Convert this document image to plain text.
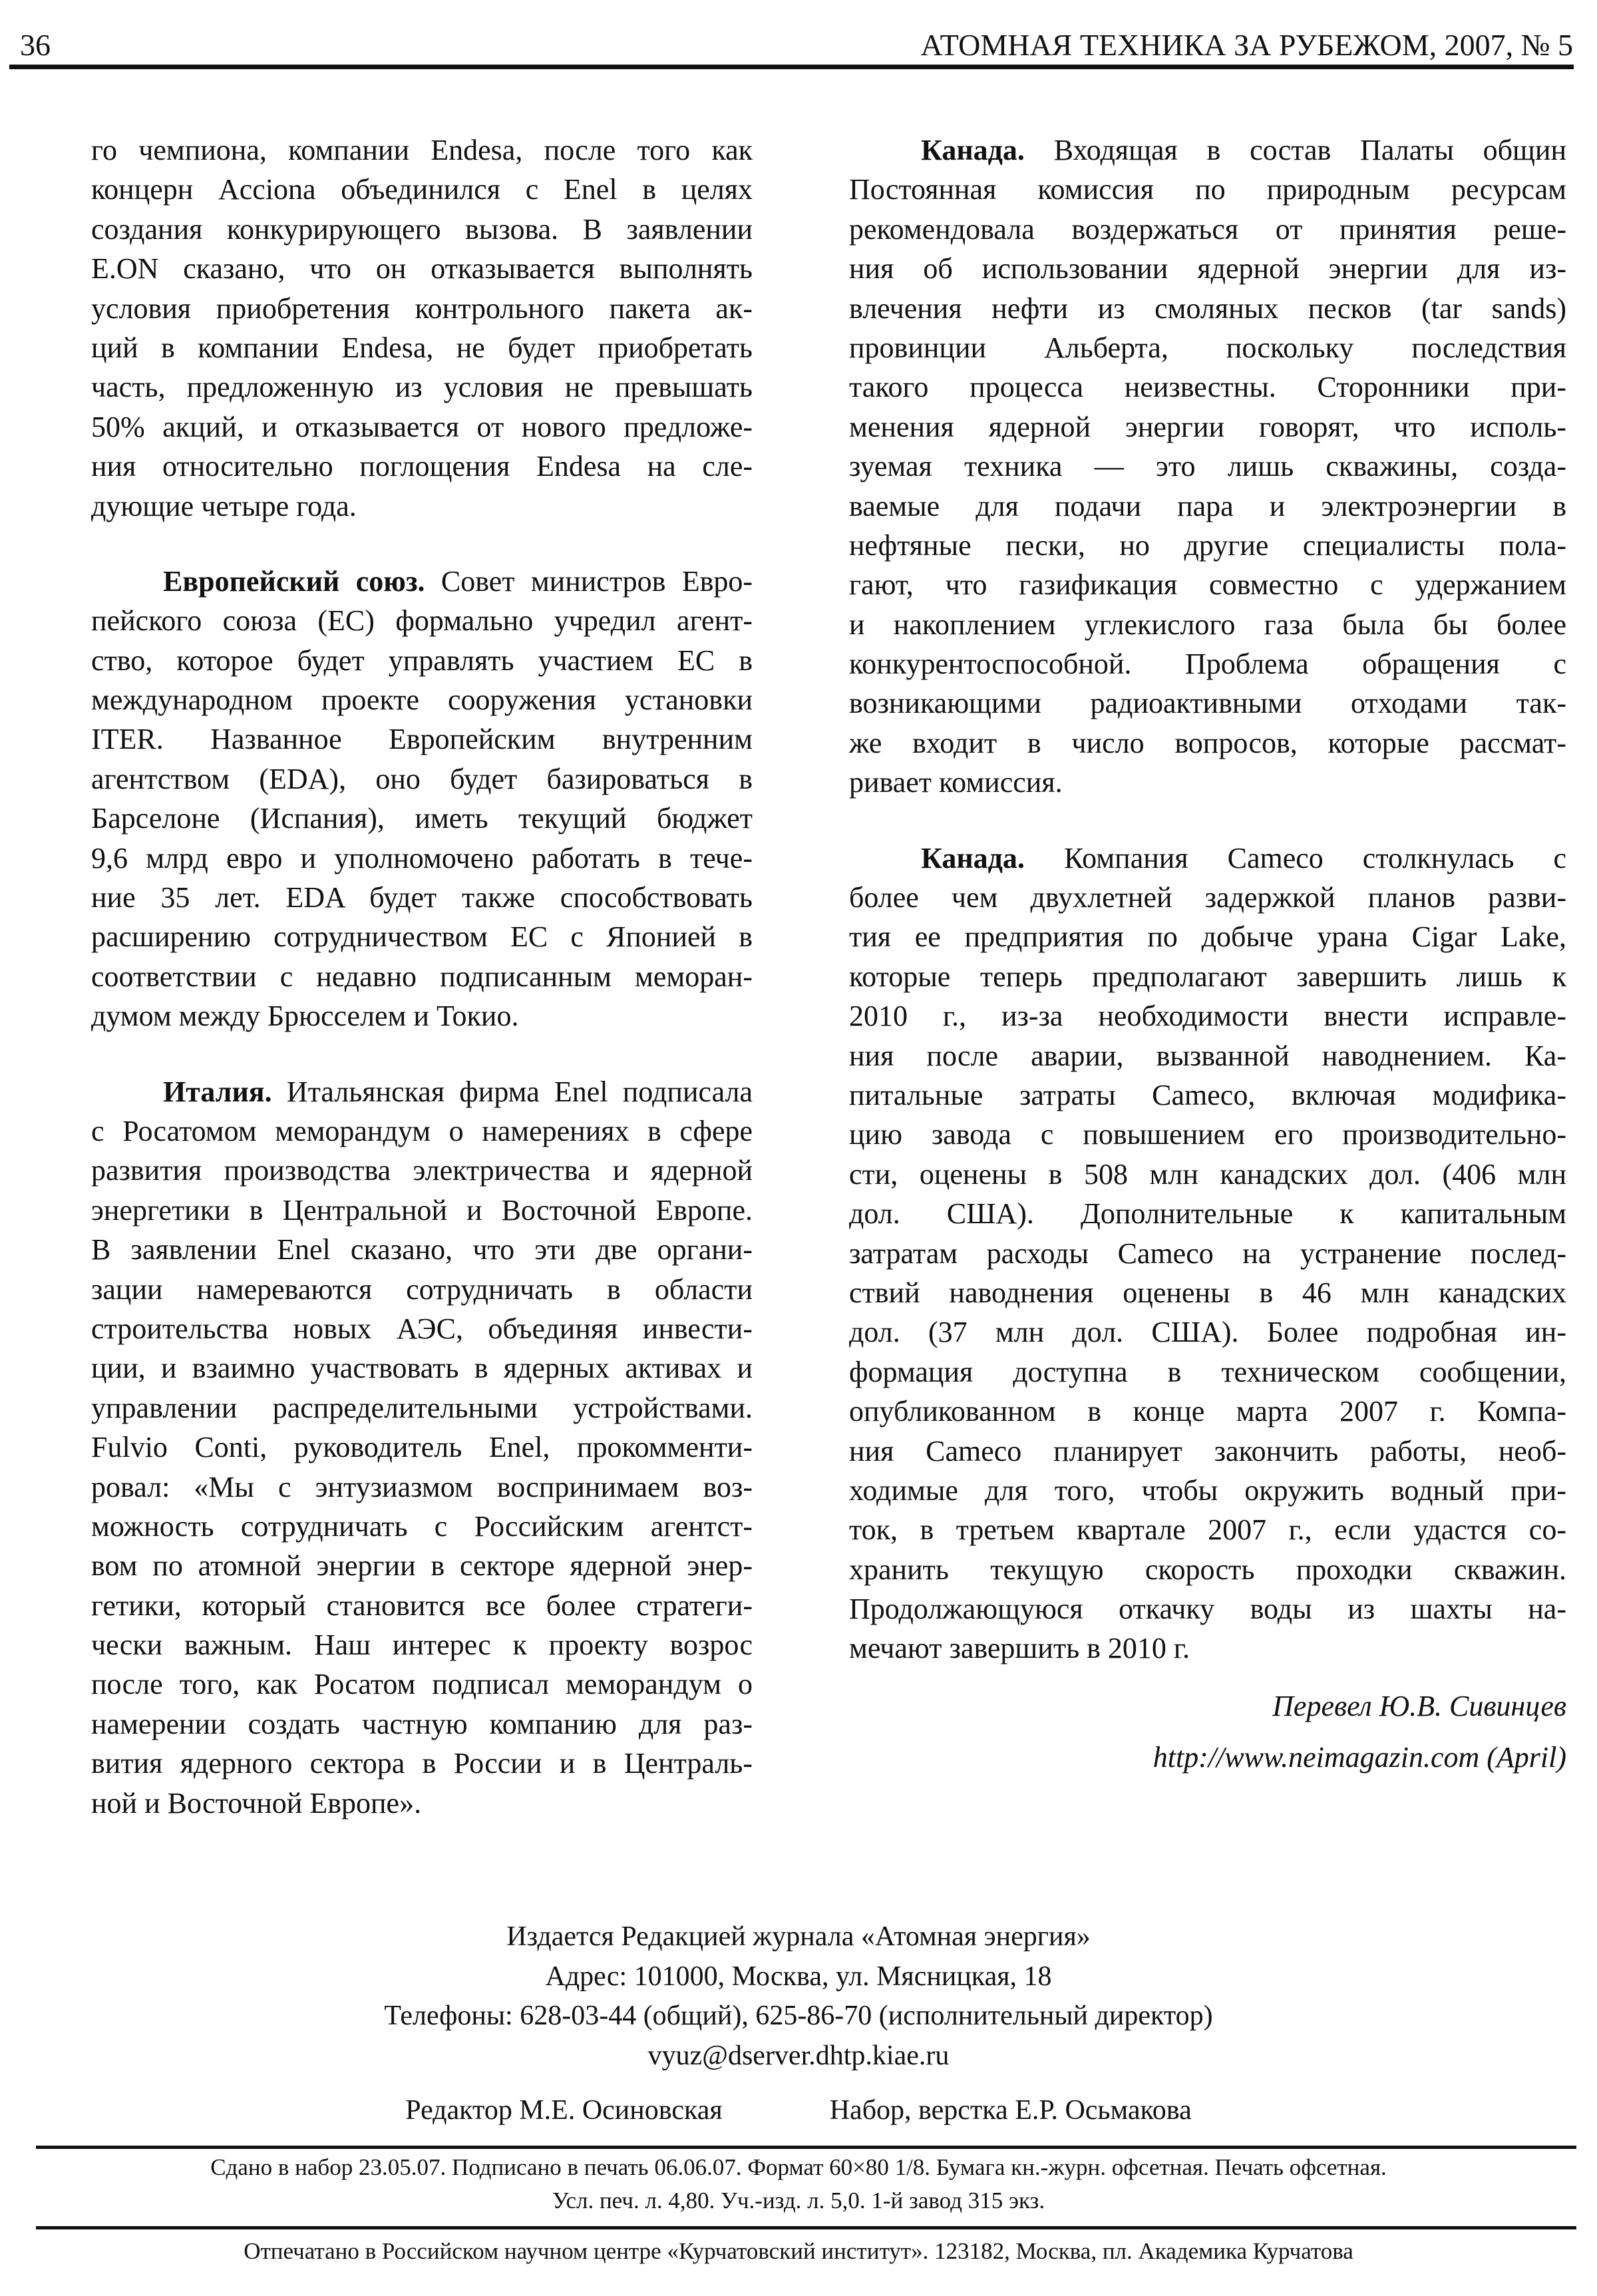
36	АТОМНАЯ ТЕХНИКА ЗА РУБЕЖОМ, 2007, № 5
го чемпиона, компании Endesa, после того как
концерн Acciona объединился с Enel в целях
создания конкурирующего вызова. В заявлении
E.ON сказано, что он отказывается выполнять
условия приобретения контрольного пакета ак-
ций в компании Endesa, не будет приобретать
часть, предложенную из условия не превышать
50% акций, и отказывается от нового предложе-
ния относительно поглощения Endesa на сле-
дующие четыре года.
Европейский союз. Совет министров Евро-
пейского союза (ЕС) формально учредил агент-
ство, которое будет управлять участием ЕС в
международном проекте сооружения установки
ITER. Названное Европейским внутренним
агентством (EDA), оно будет базироваться в
Барселоне (Испания), иметь текущий бюджет
9,6 млрд евро и уполномочено работать в тече-
ние 35 лет. EDA будет также способствовать
расширению сотрудничеством ЕС с Японией в
соответствии с недавно подписанным меморан-
думом между Брюсселем и Токио.
Италия. Итальянская фирма Enel подписала
с Росатомом меморандум о намерениях в сфере
развития производства электричества и ядерной
энергетики в Центральной и Восточной Европе.
В заявлении Enel сказано, что эти две органи-
зации намереваются сотрудничать в области
строительства новых АЭС, объединяя инвести-
ции, и взаимно участвовать в ядерных активах и
управлении распределительными устройствами.
Fulvio Conti, руководитель Enel, прокомменти-
ровал: «Мы с энтузиазмом воспринимаем воз-
можность сотрудничать с Российским агентст-
вом по атомной энергии в секторе ядерной энер-
гетики, который становится все более стратеги-
чески важным. Наш интерес к проекту возрос
после того, как Росатом подписал меморандум о
намерении создать частную компанию для раз-
вития ядерного сектора в России и в Централь-
ной и Восточной Европе».
Канада. Входящая в состав Палаты общин
Постоянная комиссия по природным ресурсам
рекомендовала воздержаться от принятия реше-
ния об использовании ядерной энергии для из-
влечения нефти из смоляных песков (tar sands)
провинции Альберта, поскольку последствия
такого процесса неизвестны. Сторонники при-
менения ядерной энергии говорят, что исполь-
зуемая техника — это лишь скважины, созда-
ваемые для подачи пара и электроэнергии в
нефтяные пески, но другие специалисты пола-
гают, что газификация совместно с удержанием
и накоплением углекислого газа была бы более
конкурентоспособной. Проблема обращения с
возникающими радиоактивными отходами так-
же входит в число вопросов, которые рассмат-
ривает комиссия.
Канада. Компания Cameco столкнулась с
более чем двухлетней задержкой планов разви-
тия ее предприятия по добыче урана Cigar Lake,
которые теперь предполагают завершить лишь к
2010 г., из-за необходимости внести исправле-
ния после аварии, вызванной наводнением. Ка-
питальные затраты Cameco, включая модифика-
цию завода с повышением его производительно-
сти, оценены в 508 млн канадских дол. (406 млн
дол. США). Дополнительные к капитальным
затратам расходы Cameco на устранение послед-
ствий наводнения оценены в 46 млн канадских
дол. (37 млн дол. США). Более подробная ин-
формация доступна в техническом сообщении,
опубликованном в конце марта 2007 г. Компа-
ния Cameco планирует закончить работы, необ-
ходимые для того, чтобы окружить водный при-
ток, в третьем квартале 2007 г., если удастся со-
хранить текущую скорость проходки скважин.
Продолжающуюся откачку воды из шахты на-
мечают завершить в 2010 г.
Перевел Ю.В. Сивинцев
http://www.neimagazin.com (April)
Издается Редакцией журнала «Атомная энергия»
Адрес: 101000, Москва, ул. Мясницкая, 18
Телефоны: 628-03-44 (общий), 625-86-70 (исполнительный директор)
vyuz@dserver.dhtp.kiae.ru
Редактор М.Е. Осиновская	Набор, верстка Е.Р. Осьмакова
Сдано в набор 23.05.07. Подписано в печать 06.06.07. Формат 60×80 1/8. Бумага кн.-журн. офсетная. Печать офсетная.
Усл. печ. л. 4,80. Уч.-изд. л. 5,0. 1-й завод 315 экз.
Отпечатано в Российском научном центре «Курчатовский институт». 123182, Москва, пл. Академика Курчатова
